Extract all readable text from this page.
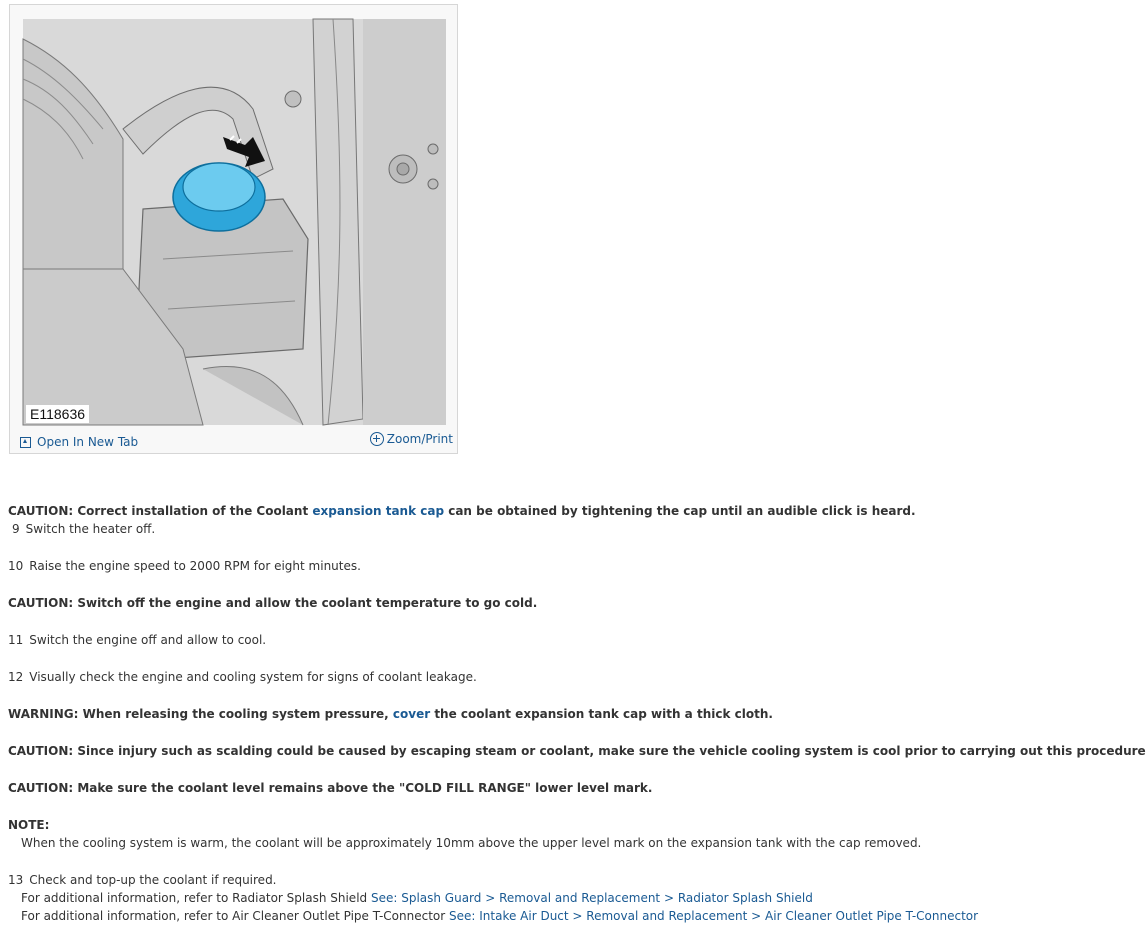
E118636
Open In New Tab	Zoom/Print

CAUTION: Correct installation of the Coolant expansion tank cap can be obtained by tightening the cap until an audible click is heard.

9 Switch the heater off.

10 Raise the engine speed to 2000 RPM for eight minutes.

CAUTION: Switch off the engine and allow the coolant temperature to go cold.

11 Switch the engine off and allow to cool.

12 Visually check the engine and cooling system for signs of coolant leakage.

WARNING: When releasing the cooling system pressure, cover the coolant expansion tank cap with a thick cloth.

CAUTION: Since injury such as scalding could be caused by escaping steam or coolant, make sure the vehicle cooling system is cool prior to carrying out this procedure

CAUTION: Make sure the coolant level remains above the "COLD FILL RANGE" lower level mark.

NOTE:

When the cooling system is warm, the coolant will be approximately 10mm above the upper level mark on the expansion tank with the cap removed.

13 Check and top-up the coolant if required.

For additional information, refer to Radiator Splash Shield See: Splash Guard > Removal and Replacement > Radiator Splash Shield

For additional information, refer to Air Cleaner Outlet Pipe T-Connector See: Intake Air Duct > Removal and Replacement > Air Cleaner Outlet Pipe T-Connector
